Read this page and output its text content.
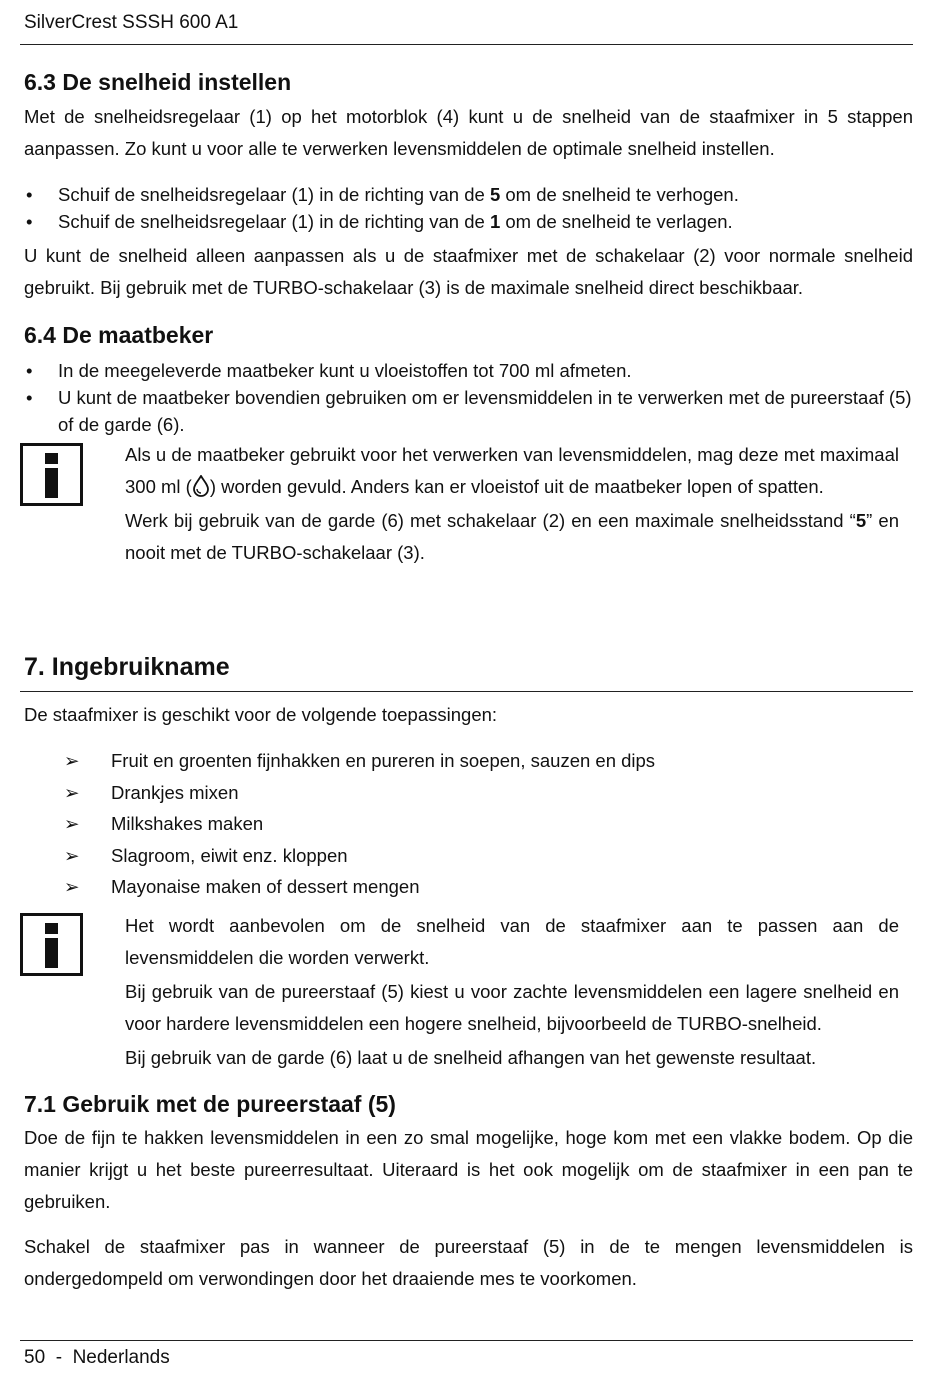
SilverCrest SSSH 600 A1
6.3 De snelheid instellen
Met de snelheidsregelaar (1) op het motorblok (4) kunt u de snelheid van de staafmixer in 5 stappen aanpassen. Zo kunt u voor alle te verwerken levensmiddelen de optimale snelheid instellen.
• Schuif de snelheidsregelaar (1) in de richting van de 5 om de snelheid te verhogen.
• Schuif de snelheidsregelaar (1) in de richting van de 1 om de snelheid te verlagen.
U kunt de snelheid alleen aanpassen als u de staafmixer met de schakelaar (2) voor normale snelheid gebruikt. Bij gebruik met de TURBO-schakelaar (3) is de maximale snelheid direct beschikbaar.
6.4 De maatbeker
• In de meegeleverde maatbeker kunt u vloeistoffen tot 700 ml afmeten.
• U kunt de maatbeker bovendien gebruiken om er levensmiddelen in te verwerken met de pureerstaaf (5) of de garde (6).

Als u de maatbeker gebruikt voor het verwerken van levensmiddelen, mag deze met maximaal 300 ml ( ) worden gevuld. Anders kan er vloeistof uit de maatbeker lopen of spatten.

Werk bij gebruik van de garde (6) met schakelaar (2) en een maximale snelheidsstand “5” en nooit met de TURBO-schakelaar (3).

7. Ingebruikname
De staafmixer is geschikt voor de volgende toepassingen:
➢ Fruit en groenten fijnhakken en pureren in soepen, sauzen en dips
➢ Drankjes mixen
➢ Milkshakes maken
➢ Slagroom, eiwit enz. kloppen
➢ Mayonaise maken of dessert mengen

Het wordt aanbevolen om de snelheid van de staafmixer aan te passen aan de levensmiddelen die worden verwerkt.

Bij gebruik van de pureerstaaf (5) kiest u voor zachte levensmiddelen een lagere snelheid en voor hardere levensmiddelen een hogere snelheid, bijvoorbeeld de TURBO-snelheid.

Bij gebruik van de garde (6) laat u de snelheid afhangen van het gewenste resultaat.

7.1 Gebruik met de pureerstaaf (5)
Doe de fijn te hakken levensmiddelen in een zo smal mogelijke, hoge kom met een vlakke bodem. Op die manier krijgt u het beste pureerresultaat. Uiteraard is het ook mogelijk om de staafmixer in een pan te gebruiken.
Schakel de staafmixer pas in wanneer de pureerstaaf (5) in de te mengen levensmiddelen is ondergedompeld om verwondingen door het draaiende mes te voorkomen.
50  -  Nederlands
